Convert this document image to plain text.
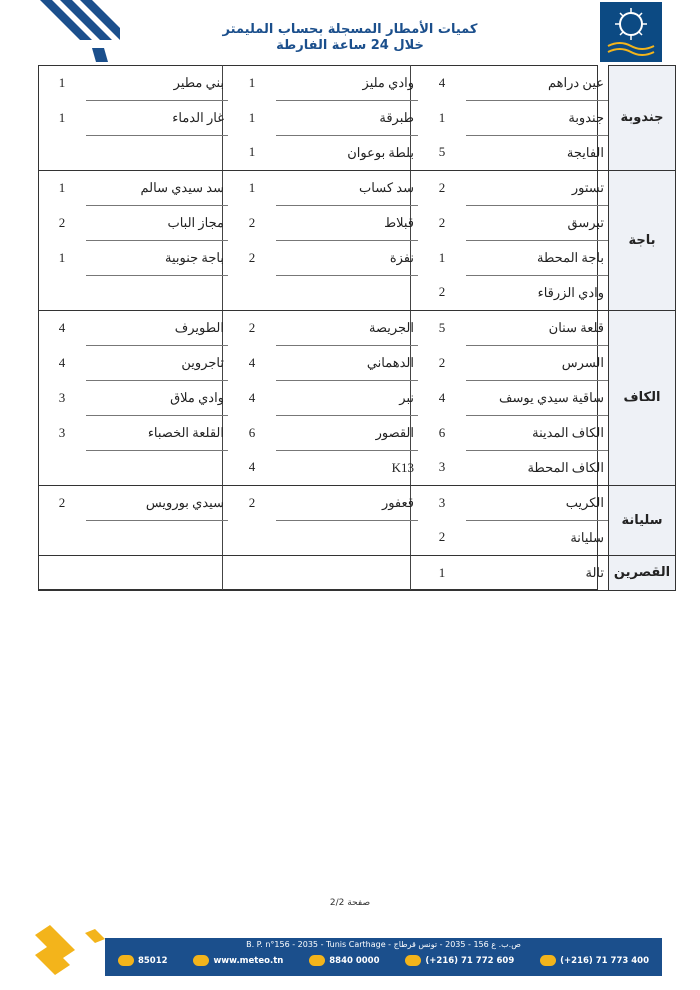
كميات الأمطار المسجلة بحساب المليمتر
خلال 24 ساعة الفارطة
جندوبة	عين دراهم	4	وادي مليز	1	بني مطير	1
	جندوبة	1	طبرقة	1	غار الدماء	1
	الفايجة	5	بلطة بوعوان	1		
باجة	تستور	2	سد كساب	1	سد سيدي سالم	1
	تبرسق	2	قبلاط	2	مجاز الباب	2
	باجة المحطة	1	نفزة	2	باجة جنوبية	1
	وادي الزرقاء	2				
الكاف	قلعة سنان	5	الجريصة	2	الطويرف	4
	السرس	2	الدهماني	4	تاجروين	4
	ساقية سيدي يوسف	4	نبر	4	وادي ملاق	3
	الكاف المدينة	6	القصور	6	القلعة الخصباء	3
	الكاف المحطة	3	K13	4		
سليانة	الكريب	3	قعفور	2	سيدي بورويس	2
	سليانة	2				
القصرين	تالة	1				
صفحة 2/2
ص.ب. ع 156 - 2035 - تونس قرطاج - B. P. n°156 - 2035 - Tunis Carthage
85012	www.meteo.tn	8840 0000	(+216) 71 772 609	(+216) 71 773 400
